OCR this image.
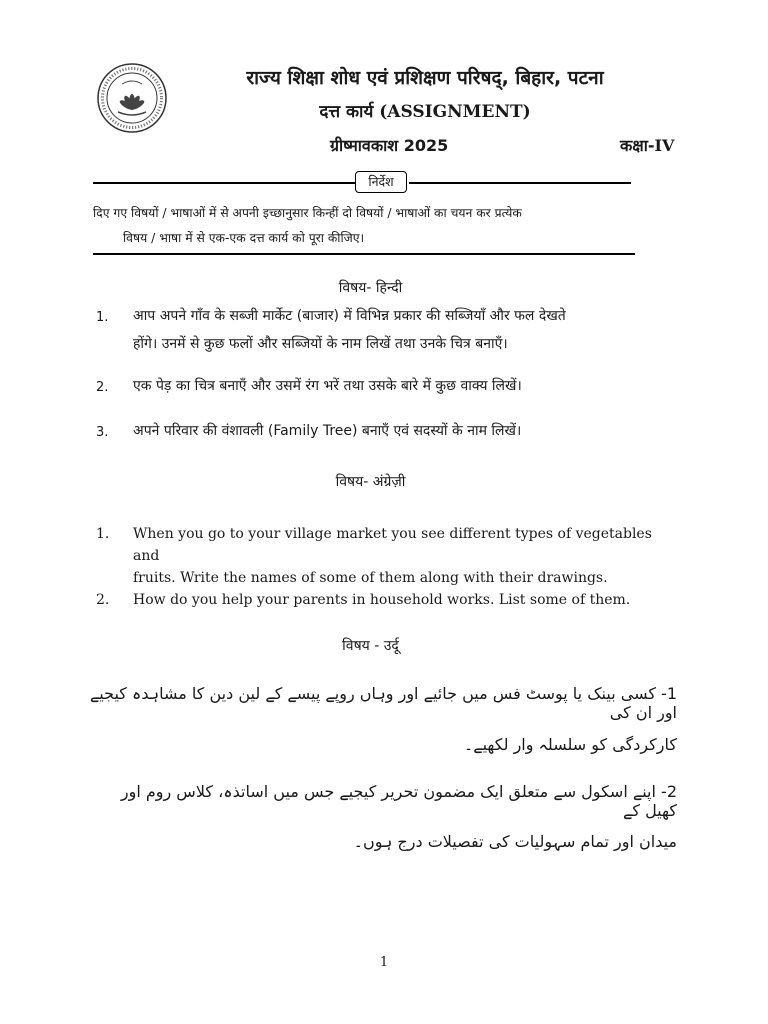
राज्य शिक्षा शोध एवं प्रशिक्षण परिषद्, बिहार, पटना
दत्त कार्य (ASSIGNMENT)
ग्रीष्मावकाश 2025	कक्षा-IV
निर्देश
दिए गए विषयों / भाषाओं में से अपनी इच्छानुसार किन्हीं दो विषयों / भाषाओं का चयन कर प्रत्येक
विषय / भाषा में से एक-एक दत्त कार्य को पूरा कीजिए।
विषय- हिन्दी
1. आप अपने गाँव के सब्जी मार्केट (बाजार) में विभिन्न प्रकार की सब्जियाँ और फल देखते
होंगे। उनमें से कुछ फलों और सब्जियों के नाम लिखें तथा उनके चित्र बनाएँ।
2. एक पेड़ का चित्र बनाएँ और उसमें रंग भरें तथा उसके बारे में कुछ वाक्य लिखें।
3. अपने परिवार की वंशावली (Family Tree) बनाएँ एवं सदस्यों के नाम लिखें।
विषय- अंग्रेज़ी
1. When you go to your village market you see different types of vegetables and
fruits. Write the names of some of them along with their drawings.
2. How do you help your parents in household works. List some of them.
विषय - उर्दू
1- کسی بینک یا پوسٹ فس میں جائیے اور وہاں روپے پیسے کے لین دین کا مشاہدہ کیجیے اور ان کی
کارکردگی کو سلسلہ وار لکھیے۔
2- اپنے اسکول سے متعلق ایک مضمون تحریر کیجیے جس میں اساتذہ، کلاس روم اور کھیل کے
میدان اور تمام سہولیات کی تفصیلات درج ہوں۔
1
